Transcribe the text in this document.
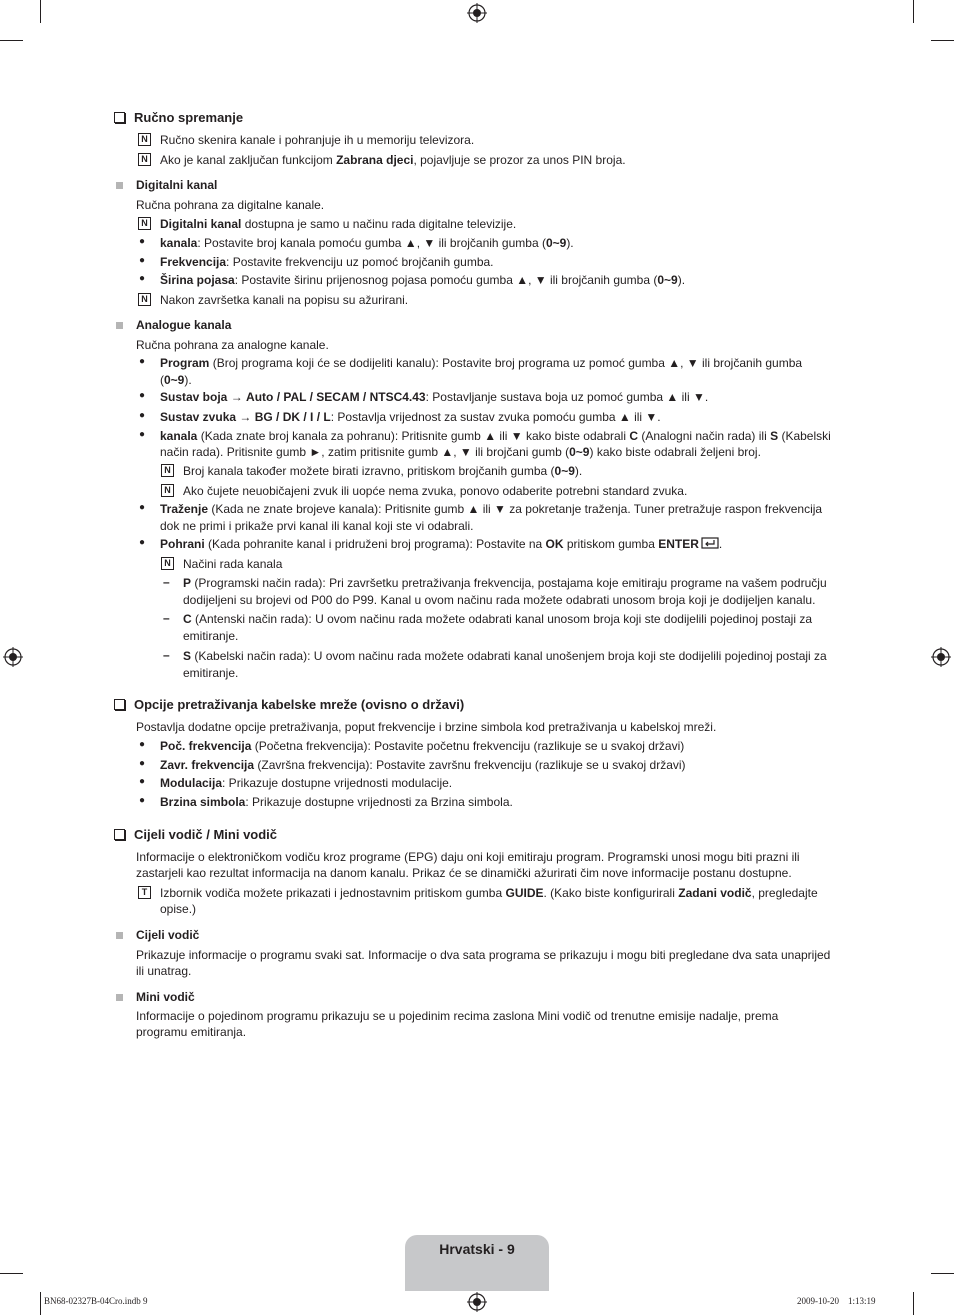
Ručno spremanje
N Ručno skenira kanale i pohranjuje ih u memoriju televizora.
N Ako je kanal zaključan funkcijom Zabrana djeci, pojavljuje se prozor za unos PIN broja.
Digitalni kanal
Ručna pohrana za digitalne kanale.
N Digitalni kanal dostupna je samo u načinu rada digitalne televizije.
● kanala: Postavite broj kanala pomoću gumba ▲, ▼ ili brojčanih gumba (0~9).
● Frekvencija: Postavite frekvenciju uz pomoć brojčanih gumba.
● Širina pojasa: Postavite širinu prijenosnog pojasa pomoću gumba ▲, ▼ ili brojčanih gumba (0~9).
N Nakon završetka kanali na popisu su ažurirani.
Analogue kanala
Ručna pohrana za analogne kanale.
● Program (Broj programa koji će se dodijeliti kanalu): Postavite broj programa uz pomoć gumba ▲, ▼ ili brojčanih gumba
(0~9).
● Sustav boja → Auto / PAL / SECAM / NTSC4.43: Postavljanje sustava boja uz pomoć gumba ▲ ili ▼.
● Sustav zvuka → BG / DK / I / L: Postavlja vrijednost za sustav zvuka pomoću gumba ▲ ili ▼.
● kanala (Kada znate broj kanala za pohranu): Pritisnite gumb ▲ ili ▼ kako biste odabrali C (Analogni način rada) ili S (Kabelski
način rada). Pritisnite gumb ►, zatim pritisnite gumb ▲, ▼ ili brojčani gumb (0~9) kako biste odabrali željeni broj.
N Broj kanala također možete birati izravno, pritiskom brojčanih gumba (0~9).
N Ako čujete neuobičajeni zvuk ili uopće nema zvuka, ponovo odaberite potrebni standard zvuka.
● Traženje (Kada ne znate brojeve kanala): Pritisnite gumb ▲ ili ▼ za pokretanje traženja. Tuner pretražuje raspon frekvencija
dok ne primi i prikaže prvi kanal ili kanal koji ste vi odabrali.
● Pohrani (Kada pohranite kanal i pridruženi broj programa): Postavite na OK pritiskom gumba ENTER .
N Načini rada kanala
– P (Programski način rada): Pri završetku pretraživanja frekvencija, postajama koje emitiraju programe na vašem području
dodijeljeni su brojevi od P00 do P99. Kanal u ovom načinu rada možete odabrati unosom broja koji je dodijeljen kanalu.
– C (Antenski način rada): U ovom načinu rada možete odabrati kanal unosom broja koji ste dodijelili pojedinoj postaji za
emitiranje.
– S (Kabelski način rada): U ovom načinu rada možete odabrati kanal unošenjem broja koji ste dodijelili pojedinoj postaji za
emitiranje.
Opcije pretraživanja kabelske mreže (ovisno o državi)
Postavlja dodatne opcije pretraživanja, poput frekvencije i brzine simbola kod pretraživanja u kabelskoj mreži.
● Poč. frekvencija (Početna frekvencija): Postavite početnu frekvenciju (razlikuje se u svakoj državi)
● Zavr. frekvencija (Završna frekvencija): Postavite završnu frekvenciju (razlikuje se u svakoj državi)
● Modulacija: Prikazuje dostupne vrijednosti modulacije.
● Brzina simbola: Prikazuje dostupne vrijednosti za Brzina simbola.
Cijeli vodič / Mini vodič
Informacije o elektroničkom vodiču kroz programe (EPG) daju oni koji emitiraju program. Programski unosi mogu biti prazni ili
zastarjeli kao rezultat informacija na danom kanalu. Prikaz će se dinamički ažurirati čim nove informacije postanu dostupne.
T	Izbornik vodiča možete prikazati i jednostavnim pritiskom gumba GUIDE. (Kako biste konfigurirali Zadani vodič, pregledajte
opise.)
Cijeli vodič
Prikazuje informacije o programu svaki sat. Informacije o dva sata programa se prikazuju i mogu biti pregledane dva sata unaprijed
ili unatrag.
Mini vodič
Informacije o pojedinom programu prikazuju se u pojedinim recima zaslona Mini vodič od trenutne emisije nadalje, prema
programu emitiranja.
Hrvatski - 9
BN68-02327B-04Cro.indb 9	2009-10-20    1:13:19
